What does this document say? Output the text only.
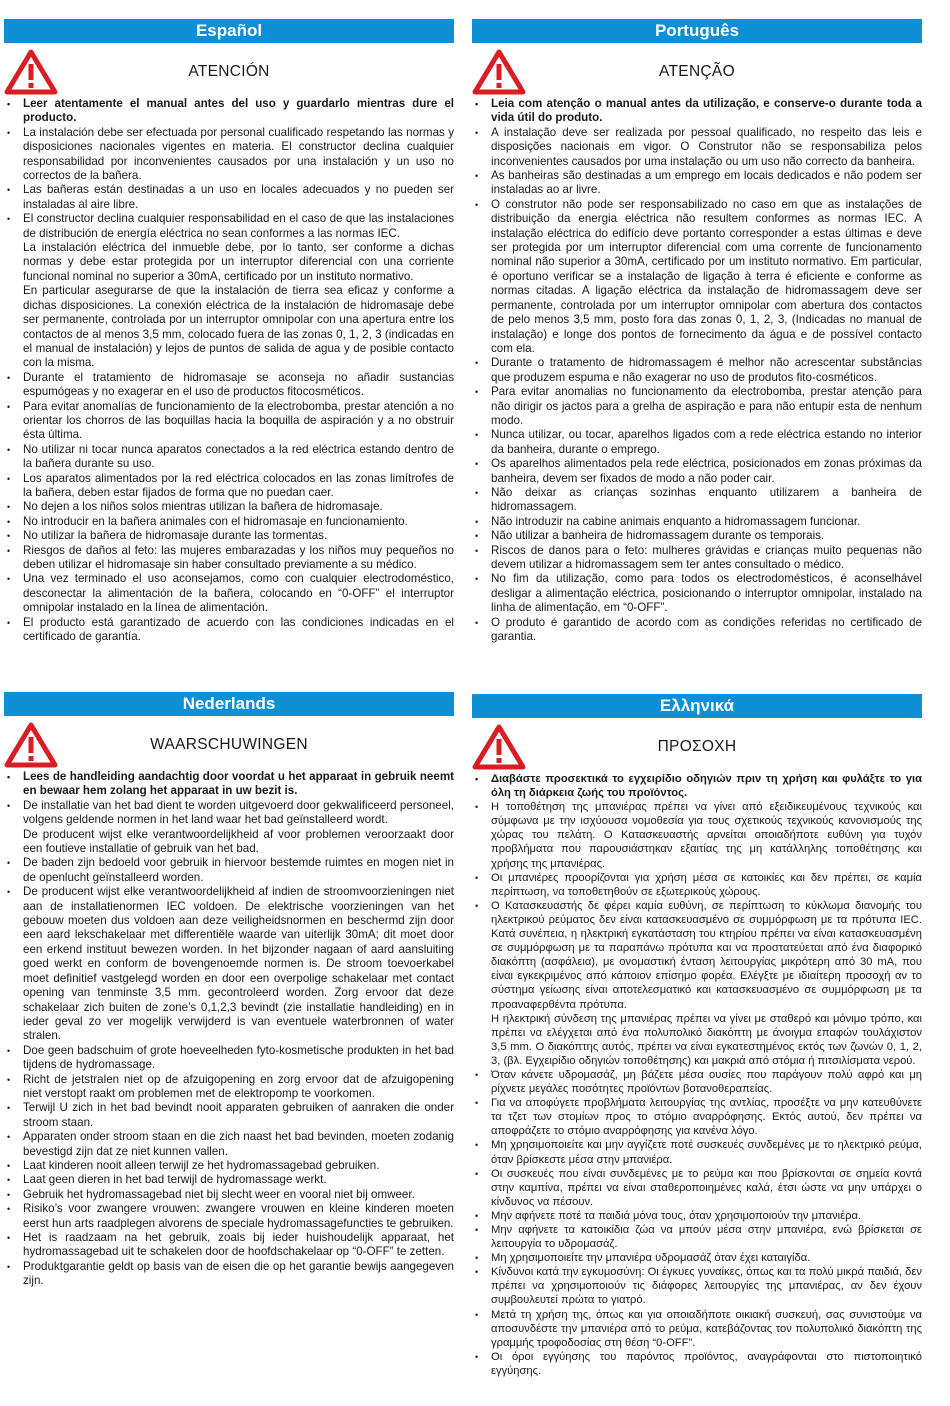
Español
ATENCIÓN
• Leer atentamente el manual antes del uso y guardarlo mientras dure el producto.
• La instalación debe ser efectuada por personal cualificado respetando las normas y disposiciones nacionales vigentes en materia. El constructor declina cualquier responsabilidad por inconvenientes causados por una instalación y un uso no correctos de la bañera.
• Las bañeras están destinadas a un uso en locales adecuados y no pueden ser instaladas al aire libre.
• El constructor declina cualquier responsabilidad en el caso de que las instalaciones de distribución de energía eléctrica no sean conformes a las normas IEC.
La instalación eléctrica del inmueble debe, por lo tanto, ser conforme a dichas normas y debe estar protegida por un interruptor diferencial con una corriente funcional nominal no superior a 30mA, certificado por un instituto normativo.
En particular asegurarse de que la instalación de tierra sea eficaz y conforme a dichas disposiciones. La conexión eléctrica de la instalación de hidromasaje debe ser permanente, controlada por un interruptor omnipolar con una apertura entre los contactos de al menos 3,5 mm, colocado fuera de las zonas 0, 1, 2, 3 (indicadas en el manual de instalación) y lejos de puntos de salida de agua y de posible contacto con la misma.
• Durante el tratamiento de hidromasaje se aconseja no añadir sustancias espumógeas y no exagerar en el uso de productos fitocosméticos.
• Para evitar anomalías de funcionamiento de la electrobomba, prestar atención a no orientar los chorros de las boquillas hacia la boquilla de aspiración y a no obstruir ésta última.
• No utilizar ni tocar nunca aparatos conectados a la red eléctrica estando dentro de la bañera durante su uso.
• Los aparatos alimentados por la red eléctrica colocados en las zonas limítrofes de la bañera, deben estar fijados de forma que no puedan caer.
• No dejen a los niños solos mientras utilizan la bañera de hidromasaje.
• No introducir en la bañera animales con el hidromasaje en funcionamiento.
• No utilizar la bañera de hidromasaje durante las tormentas.
• Riesgos de daños al feto: las mujeres embarazadas y los niños muy pequeños no deben utilizar el hidromasaje sin haber consultado previamente a su médico.
• Una vez terminado el uso aconsejamos, como con cualquier electrodoméstico, desconectar la alimentación de la bañera, colocando en “0-OFF” el interruptor omnipolar instalado en la línea de alimentación.
• El producto está garantizado de acuerdo con las condiciones indicadas en el certificado de garantía.
Português
ATENÇÃO
• Leia com atenção o manual antes da utilização, e conserve-o durante toda a vida útil do produto.
• A instalação deve ser realizada por pessoal qualificado, no respeito das leis e disposições nacionais em vigor. O Construtor não se responsabiliza pelos inconvenientes causados por uma instalação ou um uso não correcto da banheira.
• As banheiras são destinadas a um emprego em locais dedicados e não podem ser instaladas ao ar livre.
• O construtor não pode ser responsabilizado no caso em que as instalações de distribuição da energia eléctrica não resultem conformes as normas IEC. A instalação eléctrica do edifício deve portanto corresponder a estas últimas e deve ser protegida por um interruptor diferencial com uma corrente de funcionamento nominal não superior a 30mA, certificado por um instituto normativo. Em particular, é oportuno verificar se a instalação de ligação à terra é eficiente e conforme as normas citadas. A ligação eléctrica da instalação de hidromassagem deve ser permanente, controlada por um interruptor omnipolar com abertura dos contactos de pelo menos 3,5 mm, posto fora das zonas 0, 1, 2, 3, (Indicadas no manual de instalação) e longe dos pontos de fornecimento da água e de possível contacto com ela.
• Durante o tratamento de hidromassagem é melhor não acrescentar substâncias que produzem espuma e não exagerar no uso de produtos fito-cosméticos.
• Para evitar anomalias no funcionamento da electrobomba, prestar atenção para não dirigir os jactos para a grelha de aspiração e para não entupir esta de nenhum modo.
• Nunca utilizar, ou tocar, aparelhos ligados com a rede eléctrica estando no interior da banheira, durante o emprego.
• Os aparelhos alimentados pela rede eléctrica, posicionados em zonas próximas da banheira, devem ser fixados de modo a não poder cair.
• Não deixar as crianças sozinhas enquanto utilizarem a banheira de hidromassagem.
• Não introduzir na cabine animais enquanto a hidromassagem funcionar.
• Não utilizar a banheira de hidromassagem durante os temporais.
• Riscos de danos para o feto: mulheres grávidas e crianças muito pequenas não devem utilizar a hidromassagem sem ter antes consultado o médico.
• No fim da utilização, como para todos os electrodomésticos, é aconselhável desligar a alimentação eléctrica, posicionando o interruptor omnipolar, instalado na linha de alimentação, em “0-OFF”.
• O produto é garantido de acordo com as condições referidas no certificado de garantia.
Nederlands
WAARSCHUWINGEN
• Lees de handleiding aandachtig door voordat u het apparaat in gebruik neemt en bewaar hem zolang het apparaat in uw bezit is.
• De installatie van het bad dient te worden uitgevoerd door gekwalificeerd personeel, volgens geldende normen in het land waar het bad geïnstalleerd wordt.
De producent wijst elke verantwoordelijkheid af voor problemen veroorzaakt door een foutieve installatie of gebruik van het bad.
• De baden zijn bedoeld voor gebruik in hiervoor bestemde ruimtes en mogen niet in de openlucht geïnstalleerd worden.
• De producent wijst elke verantwoordelijkheid af indien de stroomvoorzieningen niet aan de installatienormen IEC voldoen. De elektrische voorzieningen van het gebouw moeten dus voldoen aan deze veiligheidsnormen en beschermd zijn door een aard lekschakelaar met differentiële waarde van uiterlijk 30mA; dit moet door een erkend instituut bewezen worden. In het bijzonder nagaan of aard aansluiting goed werkt en conform de bovengenoemde normen is. De stroom toevoerkabel moet definitief vastgelegd worden en door een overpolige schakelaar met contact opening van tenminste 3,5 mm. gecontroleerd worden. Zorg ervoor dat deze schakelaar zich buiten de zone’s 0,1,2,3 bevindt (zie installatie handleiding) en in ieder geval zo ver mogelijk verwijderd is van eventuele waterbronnen of water stralen.
• Doe geen badschuim of grote hoeveelheden fyto-kosmetische produkten in het bad tijdens de hydromassage.
• Richt de jetstralen niet op de afzuigopening en zorg ervoor dat de afzuigopening niet verstopt raakt om problemen met de elektropomp te voorkomen.
• Terwijl U zich in het bad bevindt nooit apparaten gebruiken of aanraken die onder stroom staan.
• Apparaten onder stroom staan en die zich naast het bad bevinden, moeten zodanig bevestigd zijn dat ze niet kunnen vallen.
• Laat kinderen nooit alleen terwijl ze het hydromassagebad gebruiken.
• Laat geen dieren in het bad terwijl de hydromassage werkt.
• Gebruik het hydromassagebad niet bij slecht weer en vooral niet bij omweer.
• Risiko’s voor zwangere vrouwen: zwangere vrouwen en kleine kinderen moeten eerst hun arts raadplegen alvorens de speciale hydromassagefuncties te gebruiken.
• Het is raadzaam na het gebruik, zoals bij ieder huishoudelijk apparaat, het hydromassagebad uit te schakelen door de hoofdschakelaar op “0-OFF” te zetten.
• Produktgarantie geldt op basis van de eisen die op het garantie bewijs aangegeven zijn.
Ελληνικά
ΠΡΟΣΟΧΗ
• Διαβάστε προσεκτικά το εγχειρίδιο οδηγιών πριν τη χρήση και φυλάξτε το για όλη τη διάρκεια ζωής του προϊόντος.
• Η τοποθέτηση της μπανιέρας πρέπει να γίνει από εξειδικευμένους τεχνικούς και σύμφωνα με την ισχύουσα νομοθεσία για τους σχετικούς τεχνικούς κανονισμούς της χώρας του πελάτη. Ο Κατασκευαστής αρνείται οποιαδήποτε ευθύνη για τυχόν προβλήματα που παρουσιάστηκαν εξαιτίας της μη κατάλληλης τοποθέτησης και χρήσης της μπανιέρας.
• Οι μπανιέρες προορίζονται για χρήση μέσα σε κατοικίες και δεν πρέπει, σε καμία περίπτωση, να τοποθετηθούν σε εξωτερικούς χώρους.
• Ο Κατασκευαστής δε φέρει καμία ευθύνη, σε περίπτωση το κύκλωμα διανομής του ηλεκτρικού ρεύματος δεν είναι κατασκευασμένο σε συμμόρφωση με τα πρότυπα IEC. Κατά συνέπεια, η ηλεκτρική εγκατάσταση του κτηρίου πρέπει να είναι κατασκευασμένη σε συμμόρφωση με τα παραπάνω πρότυπα και να προστατεύεται από ένα διαφορικό διακόπτη (ασφάλεια), με ονομαστική ένταση λειτουργίας μικρότερη από 30 mA, που είναι εγκεκριμένος από κάποιον επίσημο φορέα. Ελέγξτε με ιδιαίτερη προσοχή αν το σύστημα γείωσης είναι αποτελεσματικό και κατασκευασμένο σε συμμόρφωση με τα προαναφερθέντα πρότυπα.
Η ηλεκτρική σύνδεση της μπανιέρας πρέπει να γίνει με σταθερό και μόνιμο τρόπο, και πρέπει να ελέγχεται από ένα πολυπολικό διακόπτη με άνοιγμα επαφών τουλάχιστον 3,5 mm. Ο διακόπτης αυτός, πρέπει να είναι εγκατεστημένος εκτός των ζωνών 0, 1, 2, 3, (βλ. Εγχειρίδιο οδηγιών τοποθέτησης) και μακριά από στόμια ή πιτσιλίσματα νερού.
• Όταν κάνετε υδρομασάζ, μη βάζετε μέσα ουσίες που παράγουν πολύ αφρό και μη ρίχνετε μεγάλες ποσότητες προϊόντων βοτανοθεραπείας.
• Για να αποφύγετε προβλήματα λειτουργίας της αντλίας, προσέξτε να μην κατευθύνετε τα τζετ των στομίων προς το στόμιο αναρρόφησης. Εκτός αυτού, δεν πρέπει να αποφράζετε το στόμιο αναρρόφησης για κανένα λόγο.
• Μη χρησιμοποιείτε και μην αγγίζετε ποτέ συσκευές συνδεμένες με το ηλεκτρικό ρεύμα, όταν βρίσκεστε μέσα στην μπανιέρα.
• Οι συσκευές που είναι συνδεμένες με το ρεύμα και που βρίσκονται σε σημεία κοντά στην καμπίνα, πρέπει να είναι σταθεροποιημένες καλά, έτσι ώστε να μην υπάρχει ο κίνδυνος να πέσουν.
• Μην αφήνετε ποτέ τα παιδιά μόνα τους, όταν χρησιμοποιούν την μπανιέρα.
• Μην αφήνετε τα κατοικίδια ζώα να μπούν μέσα στην μπανιέρα, ενώ βρίσκεται σε λειτουργία το υδρομασάζ.
• Μη χρησιμοποιείτε την μπανιέρα υδρομασάζ όταν έχει καταιγίδα.
• Κίνδυνοι κατά την εγκυμοσύνη: Οι έγκυες γυναίκες, όπως και τα πολύ μικρά παιδιά, δεν πρέπει να χρησιμοποιούν τις διάφορες λειτουργίες της μπανιέρας, αν δεν έχουν συμβουλευτεί πρώτα το γιατρό.
• Μετά τη χρήση της, όπως και για οποιαδήποτε οικιακή συσκευή, σας συνιστούμε να αποσυνδέστε την μπανιέρα από το ρεύμα, κατεβάζοντας τον πολυπολικό διακόπτη της γραμμής τροφοδοσίας στη θέση “0-OFF”.
• Οι όροι εγγύησης του παρόντος προϊόντος, αναγράφονται στο πιστοποιητικό εγγύησης.
